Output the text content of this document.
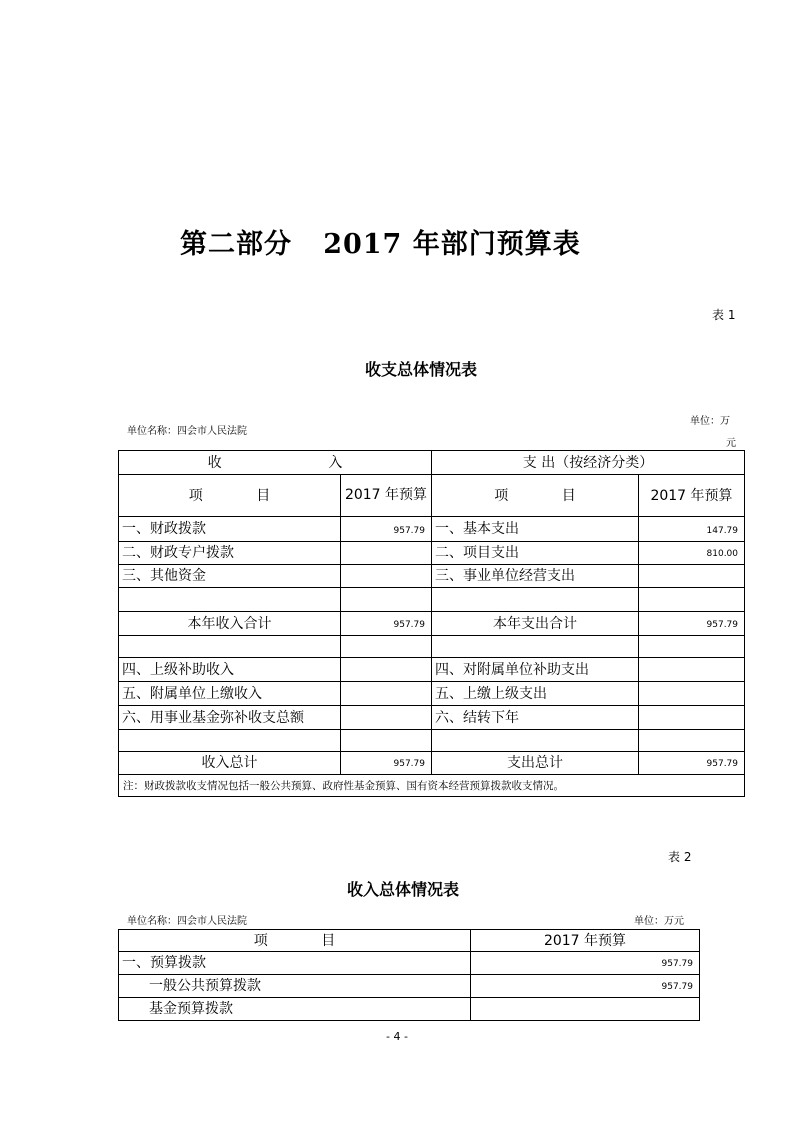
第二部分   2017 年部门预算表
表 1
收支总体情况表
单位名称：四会市人民法院
单位：万
元
收                        入		支 出（按经济分类）	
项            目	2017 年预算	项            目	2017 年预算
一、财政拨款	957.79	一、基本支出	147.79
二、财政专户拨款		二、项目支出	810.00
三、其他资金		三、事业单位经营支出	

本年收入合计	957.79	本年支出合计	957.79

四、上级补助收入		四、对附属单位补助支出	
五、附属单位上缴收入		五、上缴上级支出	
六、用事业基金弥补收支总额		六、结转下年	

收入总计	957.79	支出总计	957.79
注：财政拨款收支情况包括一般公共预算、政府性基金预算、国有资本经营预算拨款收支情况。			
表 2
收入总体情况表
单位名称：四会市人民法院	单位：万元
项            目	2017 年预算
一、预算拨款	957.79
一般公共预算拨款	957.79
基金预算拨款	
- 4 -
